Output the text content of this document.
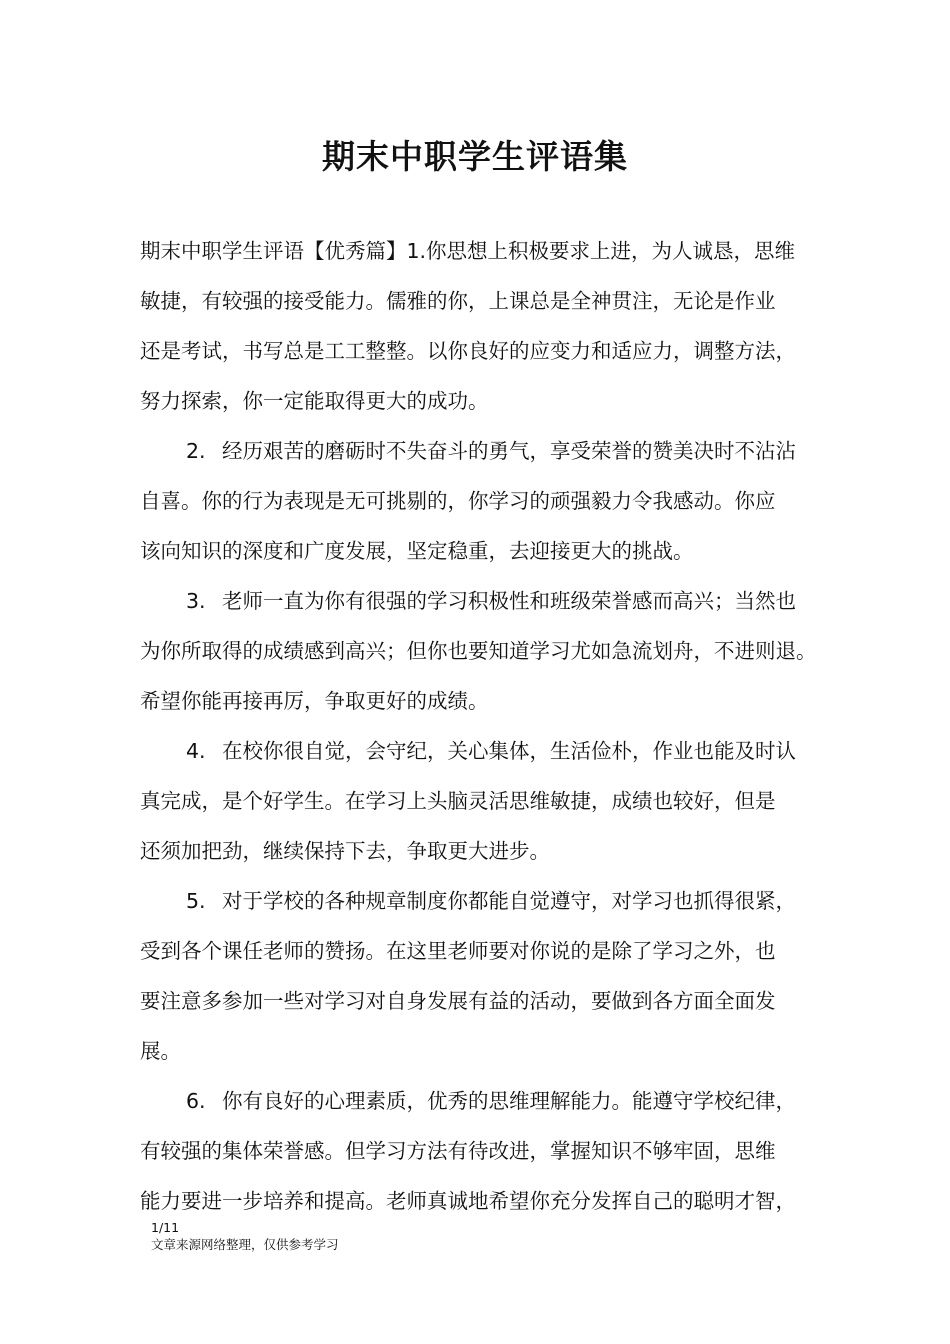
期末中职学生评语集
期末中职学生评语【优秀篇】1.你思想上积极要求上进，为人诚恳，思维
敏捷，有较强的接受能力。儒雅的你，上课总是全神贯注，无论是作业
还是考试，书写总是工工整整。以你良好的应变力和适应力，调整方法，
努力探索，你一定能取得更大的成功。
2. 经历艰苦的磨砺时不失奋斗的勇气，享受荣誉的赞美决时不沾沾
自喜。你的行为表现是无可挑剔的，你学习的顽强毅力令我感动。你应
该向知识的深度和广度发展，坚定稳重，去迎接更大的挑战。
3. 老师一直为你有很强的学习积极性和班级荣誉感而高兴；当然也
为你所取得的成绩感到高兴；但你也要知道学习尤如急流划舟，不进则退。
希望你能再接再厉，争取更好的成绩。
4. 在校你很自觉，会守纪，关心集体，生活俭朴，作业也能及时认
真完成，是个好学生。在学习上头脑灵活思维敏捷，成绩也较好，但是
还须加把劲，继续保持下去，争取更大进步。
5. 对于学校的各种规章制度你都能自觉遵守，对学习也抓得很紧，
受到各个课任老师的赞扬。在这里老师要对你说的是除了学习之外，也
要注意多参加一些对学习对自身发展有益的活动，要做到各方面全面发
展。
6. 你有良好的心理素质，优秀的思维理解能力。能遵守学校纪律，
有较强的集体荣誉感。但学习方法有待改进，掌握知识不够牢固，思维
能力要进一步培养和提高。老师真诚地希望你充分发挥自己的聪明才智，
1/11
文章来源网络整理，仅供参考学习
